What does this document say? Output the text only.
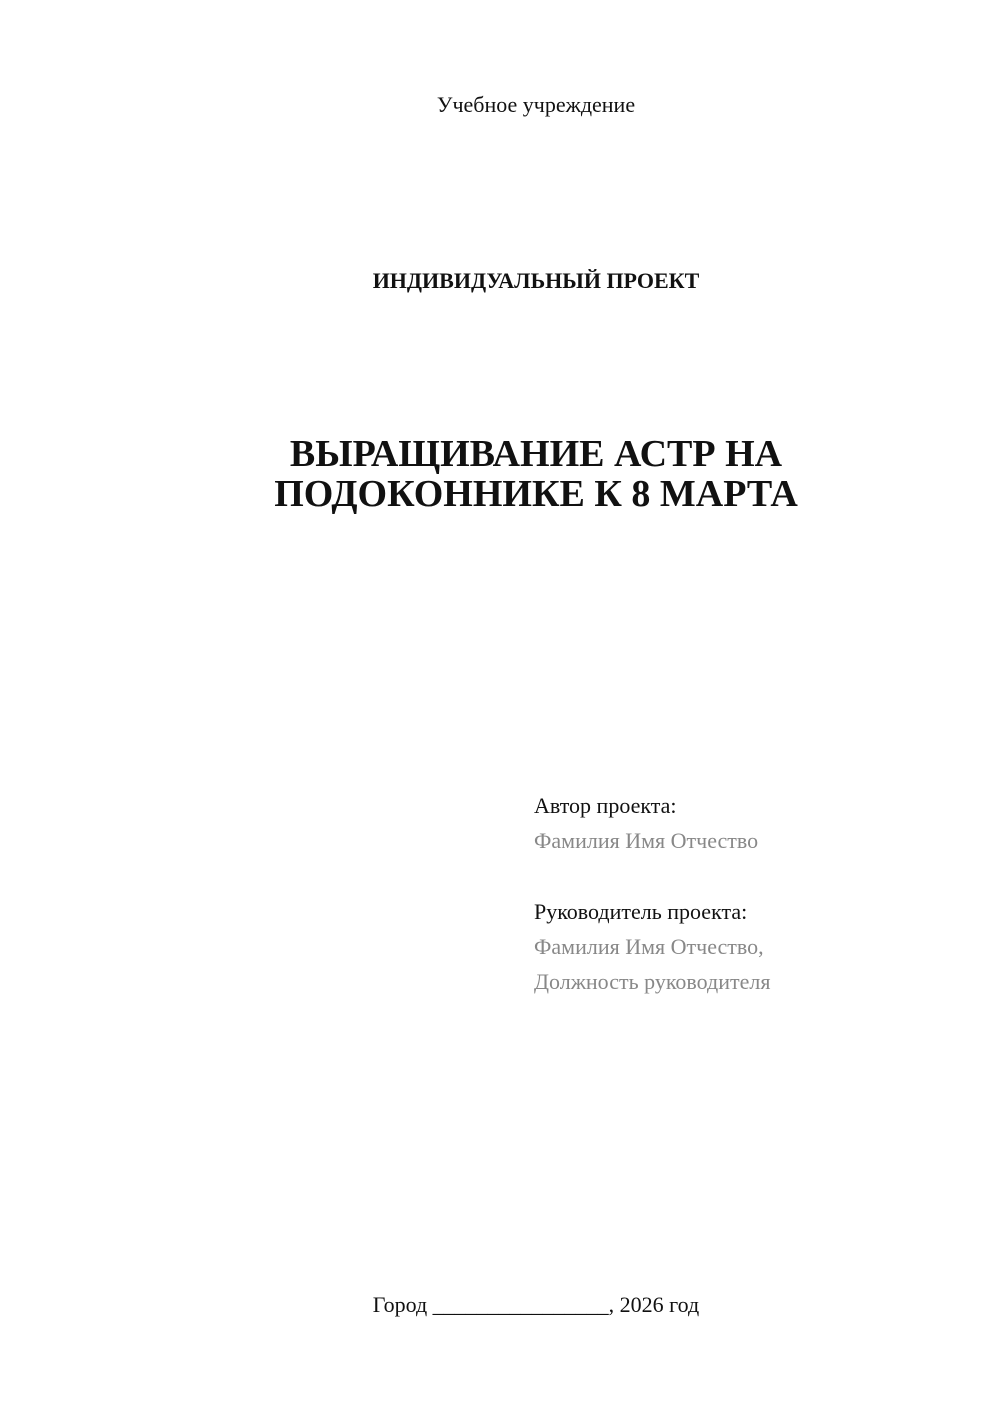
Учебное учреждение
ИНДИВИДУАЛЬНЫЙ ПРОЕКТ
ВЫРАЩИВАНИЕ АСТР НА
ПОДОКОННИКЕ К 8 МАРТА
Автор проекта:
Фамилия Имя Отчество
Руководитель проекта:
Фамилия Имя Отчество,
Должность руководителя
Город ________________, 2026 год
